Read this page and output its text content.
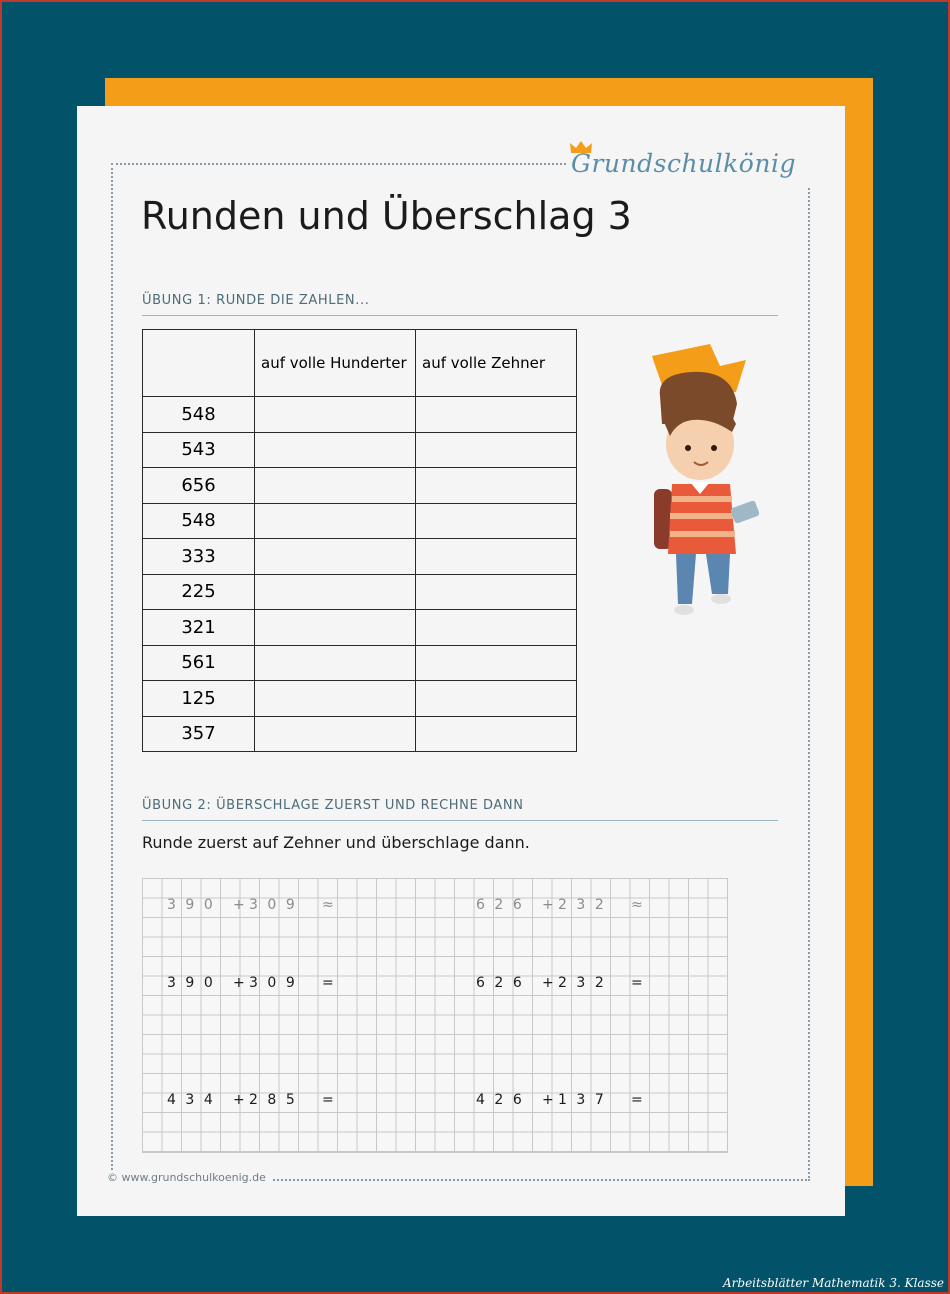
Grundschulkönig
Runden und Überschlag 3
ÜBUNG 1: RUNDE DIE ZAHLEN...
	auf volle Hunderter	auf volle Zehner
548		
543		
656		
548		
333		
225		
321		
561		
125		
357		
ÜBUNG 2: ÜBERSCHLAGE ZUERST UND RECHNE DANN
Runde zuerst auf Zehner und überschlage dann.
390 + 309 ≈	626 + 232 ≈
390 + 309 =	626 + 232 =
434 + 285 =	426 + 137 =
© www.grundschulkoenig.de
Arbeitsblätter Mathematik 3. Klasse
